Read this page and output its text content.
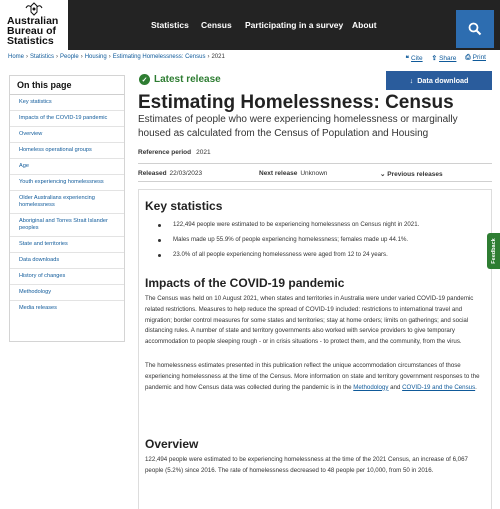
Australian
Bureau of
Statistics
Statistics Census Participating in a survey About
Home › Statistics › People › Housing › Estimating Homelessness: Census › 2021	❝ Cite ⇪ Share ⎙ Print
On this page
Key statistics
Impacts of the COVID-19 pandemic
Overview
Homeless operational groups
Age
Youth experiencing homelessness
Older Australians experiencing homelessness
Aboriginal and Torres Strait Islander peoples
State and territories
Data downloads
History of changes
Methodology
Media releases
✓ Latest release	↓ Data download
Estimating Homelessness: Census
Estimates of people who were experiencing homelessness or marginally housed as calculated from the Census of Population and Housing
Reference period 2021
Released 22/03/2023	Next release Unknown	⌄ Previous releases
Key statistics
122,494 people were estimated to be experiencing homelessness on Census night in 2021.
Males made up 55.9% of people experiencing homelessness; females made up 44.1%.
23.0% of all people experiencing homelessness were aged from 12 to 24 years.
Impacts of the COVID-19 pandemic
The Census was held on 10 August 2021, when states and territories in Australia were under varied COVID-19 pandemic related restrictions. Measures to help reduce the spread of COVID-19 included: restrictions to international travel and migration; border control measures for some states and territories; stay at home orders; limits on gatherings; and social distancing rules. A number of state and territory governments also worked with service providers to give temporary accommodation to people sleeping rough - or in crisis situations - to protect them, and the community, from the virus.
The homelessness estimates presented in this publication reflect the unique accommodation circumstances of those experiencing homelessness at the time of the Census. More information on state and territory government responses to the pandemic and how Census data was collected during the pandemic is in the Methodology and COVID-19 and the Census.
Overview
122,494 people were estimated to be experiencing homelessness at the time of the 2021 Census, an increase of 6,067 people (5.2%) since 2016. The rate of homelessness decreased to 48 people per 10,000, from 50 in 2016.
Feedback
